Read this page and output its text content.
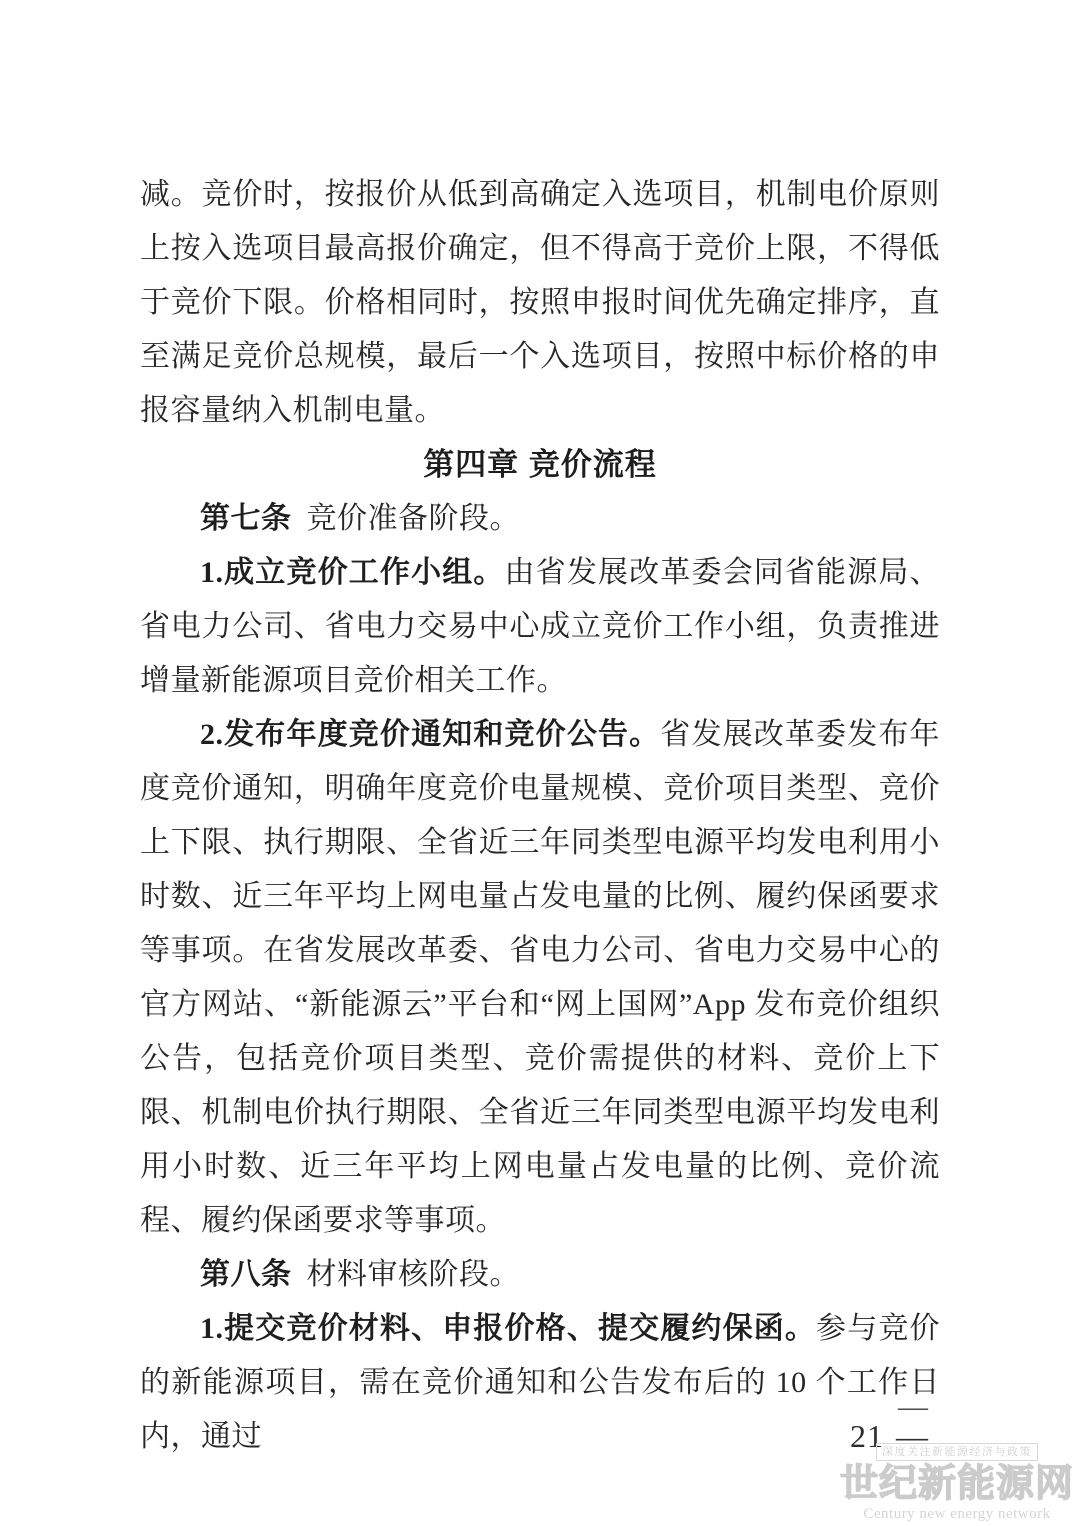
减。竞价时，按报价从低到高确定入选项目，机制电价原则上按入选项目最高报价确定，但不得高于竞价上限，不得低于竞价下限。价格相同时，按照申报时间优先确定排序，直至满足竞价总规模，最后一个入选项目，按照中标价格的申报容量纳入机制电量。

第四章 竞价流程

第七条 竞价准备阶段。

1.成立竞价工作小组。由省发展改革委会同省能源局、省电力公司、省电力交易中心成立竞价工作小组，负责推进增量新能源项目竞价相关工作。

2.发布年度竞价通知和竞价公告。省发展改革委发布年度竞价通知，明确年度竞价电量规模、竞价项目类型、竞价上下限、执行期限、全省近三年同类型电源平均发电利用小时数、近三年平均上网电量占发电量的比例、履约保函要求等事项。在省发展改革委、省电力公司、省电力交易中心的官方网站、“新能源云”平台和“网上国网”App 发布竞价组织公告，包括竞价项目类型、竞价需提供的材料、竞价上下限、机制电价执行期限、全省近三年同类型电源平均发电利用小时数、近三年平均上网电量占发电量的比例、竞价流程、履约保函要求等事项。

第八条 材料审核阶段。

1.提交竞价材料、申报价格、提交履约保函。参与竞价的新能源项目，需在竞价通知和公告发布后的 10 个工作日内，通过

—
21 —
深度关注新能源经济与政策
世纪新能源网
Century new energy network
